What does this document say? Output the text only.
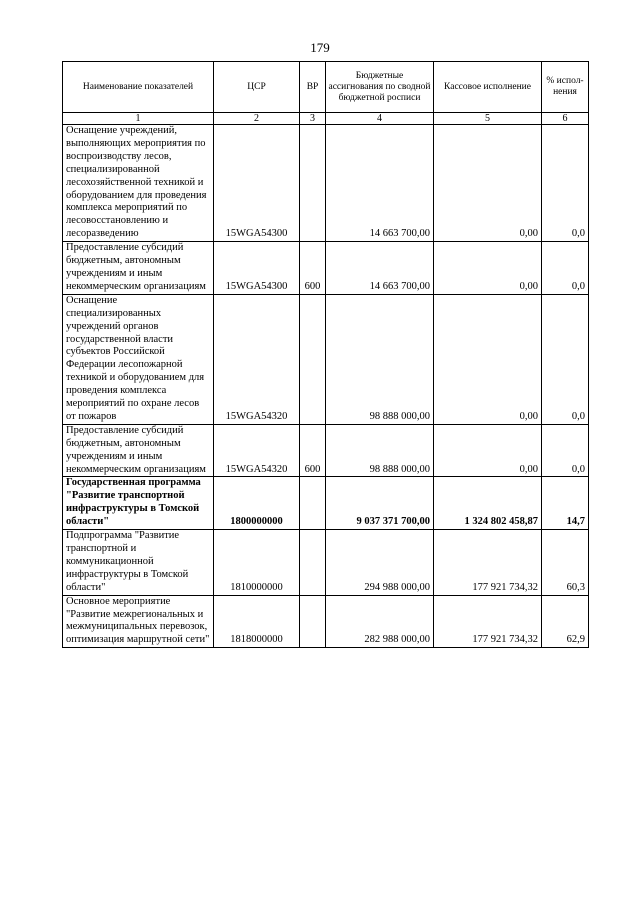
179
Наименование показателей	ЦСР	ВР	Бюджетные ассигнования по сводной бюджетной росписи	Кассовое исполнение	% испол-нения
1	2	3	4	5	6
Оснащение учреждений, выполняющих мероприятия по воспроизводству лесов, специализированной лесохозяйственной техникой и оборудованием для проведения комплекса мероприятий по лесовосстановлению и лесоразведению	15WGA54300		14 663 700,00	0,00	0,0
Предоставление субсидий бюджетным, автономным учреждениям и иным некоммерческим организациям	15WGA54300	600	14 663 700,00	0,00	0,0
Оснащение специализированных учреждений органов государственной власти субъектов Российской Федерации лесопожарной техникой и оборудованием для проведения комплекса мероприятий по охране лесов от пожаров	15WGA54320		98 888 000,00	0,00	0,0
Предоставление субсидий бюджетным, автономным учреждениям и иным некоммерческим организациям	15WGA54320	600	98 888 000,00	0,00	0,0
Государственная программа "Развитие транспортной инфраструктуры в Томской области"	1800000000		9 037 371 700,00	1 324 802 458,87	14,7
Подпрограмма "Развитие транспортной и коммуникационной инфраструктуры в Томской области"	1810000000		294 988 000,00	177 921 734,32	60,3
Основное мероприятие "Развитие межрегиональных и межмуниципальных перевозок, оптимизация маршрутной сети"	1818000000		282 988 000,00	177 921 734,32	62,9
